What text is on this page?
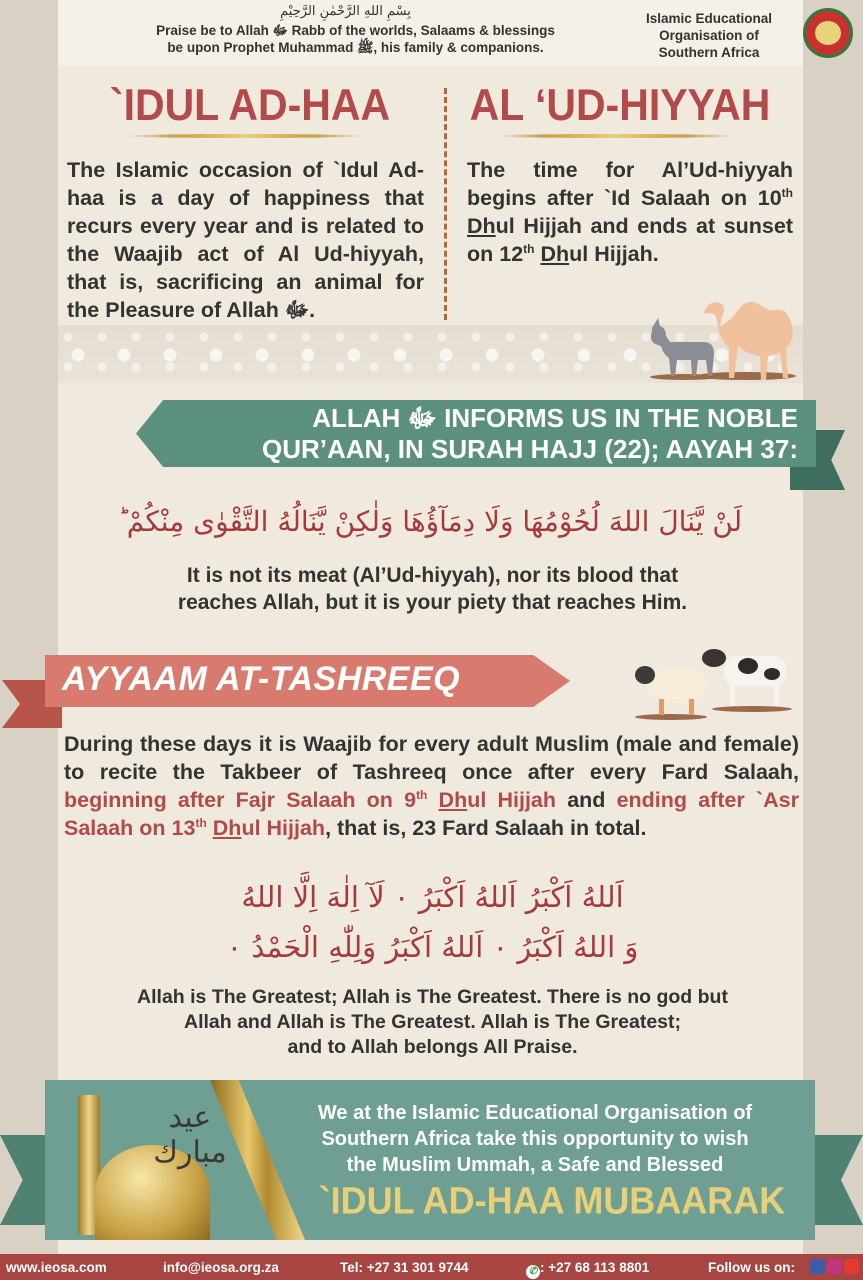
بِسْمِ اللهِ الرَّحْمٰنِ الرَّحِيْمِ
Praise be to Allah ﷻ Rabb of the worlds, Salaams & blessings
be upon Prophet Muhammad ﷺ, his family & companions.
Islamic Educational
Organisation of
Southern Africa
`IDUL AD-HAA AL ‘UD-HIYYAH
The Islamic occasion of `Idul Ad-haa is a day of happiness that recurs every year and is related to the Waajib act of Al Ud-hiyyah, that is, sacrificing an animal for the Pleasure of Allah ﷻ.
The time for Al’Ud-hiyyah begins after `Id Salaah on 10th Dhul Hijjah and ends at sunset on 12th Dhul Hijjah.
ALLAH ﷻ INFORMS US IN THE NOBLE
QUR’AAN, IN SURAH HAJJ (22); AAYAH 37:
لَنْ يَّنَالَ اللهَ لُحُوْمُهَا وَلَا دِمَآؤُهَا وَلٰكِنْ يَّنَالُهُ التَّقْوٰى مِنْكُمْ ؕ
It is not its meat (Al’Ud-hiyyah), nor its blood that
reaches Allah, but it is your piety that reaches Him.
AYYAAM AT-TASHREEQ
During these days it is Waajib for every adult Muslim (male and female) to recite the Takbeer of Tashreeq once after every Fard Salaah, beginning after Fajr Salaah on 9th Dhul Hijjah and ending after `Asr Salaah on 13th Dhul Hijjah, that is, 23 Fard Salaah in total.
اَللهُ اَكْبَرُ اَللهُ اَكْبَرُ ۰ لَآ اِلٰهَ اِلَّا اللهُ
وَ اللهُ اَكْبَرُ ۰ اَللهُ اَكْبَرُ وَلِلّٰهِ الْحَمْدُ ۰
Allah is The Greatest; Allah is The Greatest. There is no god but
Allah and Allah is The Greatest. Allah is The Greatest;
and to Allah belongs All Praise.
عيد مبارك
We at the Islamic Educational Organisation of
Southern Africa take this opportunity to wish
the Muslim Ummah, a Safe and Blessed
`IDUL AD-HAA MUBAARAK
www.ieosa.com	info@ieosa.org.za	Tel: +27 31 301 9744	✆ : +27 68 113 8801	Follow us on:
